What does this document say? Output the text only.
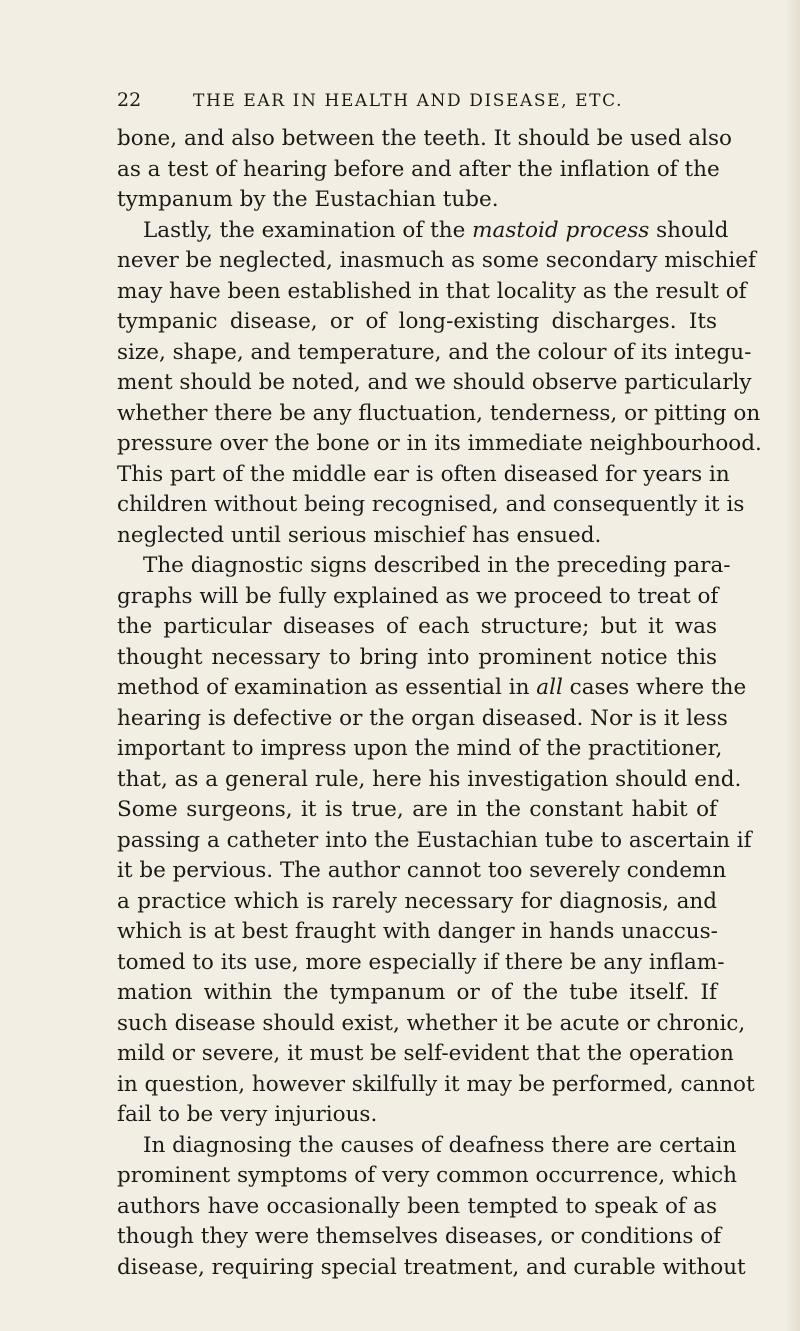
22	THE EAR IN HEALTH AND DISEASE, ETC.
bone, and also between the teeth. It should be used also
as a test of hearing before and after the inflation of the
tympanum by the Eustachian tube.
Lastly, the examination of the mastoid process should
never be neglected, inasmuch as some secondary mischief
may have been established in that locality as the result of
tympanic disease, or of long-existing discharges. Its
size, shape, and temperature, and the colour of its integu-
ment should be noted, and we should observe particularly
whether there be any fluctuation, tenderness, or pitting on
pressure over the bone or in its immediate neighbourhood.
This part of the middle ear is often diseased for years in
children without being recognised, and consequently it is
neglected until serious mischief has ensued.
The diagnostic signs described in the preceding para-
graphs will be fully explained as we proceed to treat of
the particular diseases of each structure; but it was
thought necessary to bring into prominent notice this
method of examination as essential in all cases where the
hearing is defective or the organ diseased. Nor is it less
important to impress upon the mind of the practitioner,
that, as a general rule, here his investigation should end.
Some surgeons, it is true, are in the constant habit of
passing a catheter into the Eustachian tube to ascertain if
it be pervious. The author cannot too severely condemn
a practice which is rarely necessary for diagnosis, and
which is at best fraught with danger in hands unaccus-
tomed to its use, more especially if there be any inflam-
mation within the tympanum or of the tube itself. If
such disease should exist, whether it be acute or chronic,
mild or severe, it must be self-evident that the operation
in question, however skilfully it may be performed, cannot
fail to be very injurious.
In diagnosing the causes of deafness there are certain
prominent symptoms of very common occurrence, which
authors have occasionally been tempted to speak of as
though they were themselves diseases, or conditions of
disease, requiring special treatment, and curable without
